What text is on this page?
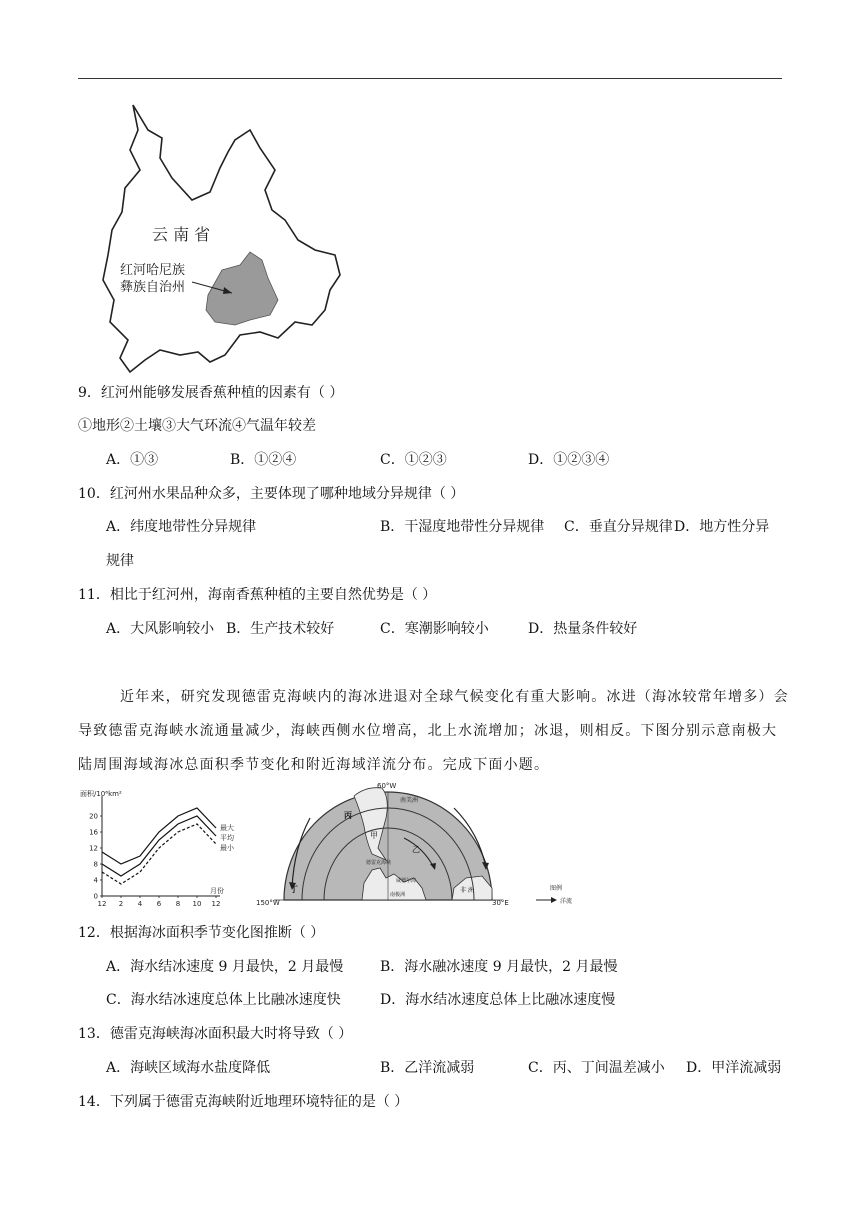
云 南 省
红河哈尼族
彝族自治州
9．红河州能够发展香蕉种植的因素有（ ）
①地形②土壤③大气环流④气温年较差
A．①③	B．①②④	C．①②③	D．①②③④
10．红河州水果品种众多，主要体现了哪种地域分异规律（ ）
A．纬度地带性分异规律	B．干湿度地带性分异规律 C．垂直分异规律 D．地方性分异
规律
11．相比于红河州，海南香蕉种植的主要自然优势是（ ）
A．大风影响较小 B．生产技术较好	C．寒潮影响较小	D．热量条件较好
近年来，研究发现德雷克海峡内的海冰进退对全球气候变化有重大影响。冰进（海冰较常年增多）会
导致德雷克海峡水流通量减少，海峡西侧水位增高，北上水流增加；冰退，则相反。下图分别示意南极大
陆周围海域海冰总面积季节变化和附近海域洋流分布。完成下面小题。
面积/10⁶km²
月份
0
4
8
12
16
20
12 2 4 6 8 10 12
最大
平均
最小
60°W
150°W	30°E
丙
甲
乙
丁
南美洲
德雷克海峡
威德尔海
南极洲
非 洲	图例
洋流
12．根据海冰面积季节变化图推断（ ）
A．海水结冰速度 9 月最快，2 月最慢	B．海水融冰速度 9 月最快，2 月最慢
C．海水结冰速度总体上比融冰速度快	D．海水结冰速度总体上比融冰速度慢
13．德雷克海峡海冰面积最大时将导致（ ）
A．海峡区域海水盐度降低	B．乙洋流减弱	C．丙、丁间温差减小 D．甲洋流减弱
14．下列属于德雷克海峡附近地理环境特征的是（ ）
